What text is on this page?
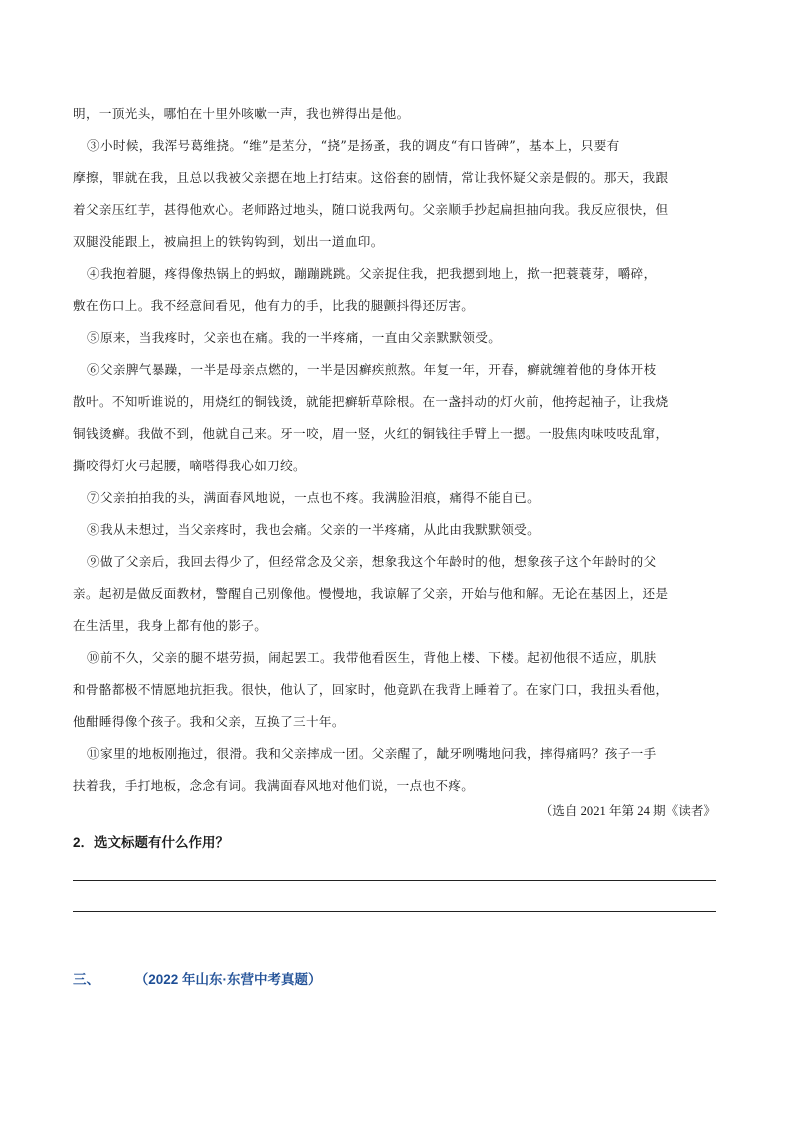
明，一顶光头，哪怕在十里外咳嗽一声，我也辨得出是他。
③小时候，我浑号葛维挠。“维”是苤分，“挠”是扬蚤，我的调皮“有口皆碑”，基本上，只要有
摩擦，罪就在我，且总以我被父亲摁在地上打结束。这俗套的剧情，常让我怀疑父亲是假的。那天，我跟
着父亲压红芋，甚得他欢心。老师路过地头，随口说我两句。父亲顺手抄起扁担抽向我。我反应很快，但
双腿没能跟上，被扁担上的铁钩钩到，划出一道血印。
④我抱着腿，疼得像热锅上的蚂蚁，蹦蹦跳跳。父亲捉住我，把我摁到地上，揿一把蓑蓑芽，嚼碎，
敷在伤口上。我不经意间看见，他有力的手，比我的腿颤抖得还厉害。
⑤原来，当我疼时，父亲也在痛。我的一半疼痛，一直由父亲默默领受。
⑥父亲脾气暴躁，一半是母亲点燃的，一半是因癣疾煎熬。年复一年，开春，癣就缠着他的身体开枝
散叶。不知听谁说的，用烧红的铜钱烫，就能把癣斩草除根。在一盏抖动的灯火前，他挎起袖子，让我烧
铜钱烫癣。我做不到，他就自己来。牙一咬，眉一竖，火红的铜钱往手臂上一摁。一股焦肉味吱吱乱窜，
撕咬得灯火弓起腰，嘀嗒得我心如刀绞。
⑦父亲拍拍我的头，满面春风地说，一点也不疼。我满脸泪痕，痛得不能自已。
⑧我从未想过，当父亲疼时，我也会痛。父亲的一半疼痛，从此由我默默领受。
⑨做了父亲后，我回去得少了，但经常念及父亲，想象我这个年龄时的他，想象孩子这个年龄时的父
亲。起初是做反面教材，警醒自己别像他。慢慢地，我谅解了父亲，开始与他和解。无论在基因上，还是
在生活里，我身上都有他的影子。
⑩前不久，父亲的腿不堪劳损，闹起罢工。我带他看医生，背他上楼、下楼。起初他很不适应，肌肤
和骨骼都极不情愿地抗拒我。很快，他认了，回家时，他竟趴在我背上睡着了。在家门口，我扭头看他，
他酣睡得像个孩子。我和父亲，互换了三十年。
⑪家里的地板刚拖过，很滑。我和父亲摔成一团。父亲醒了，龇牙咧嘴地问我，摔得痛吗？孩子一手
扶着我，手打地板，念念有词。我满面春风地对他们说，一点也不疼。
（选自 2021 年第 24 期《读者》
2．选文标题有什么作用？
三、	（2022 年山东·东营中考真题）
